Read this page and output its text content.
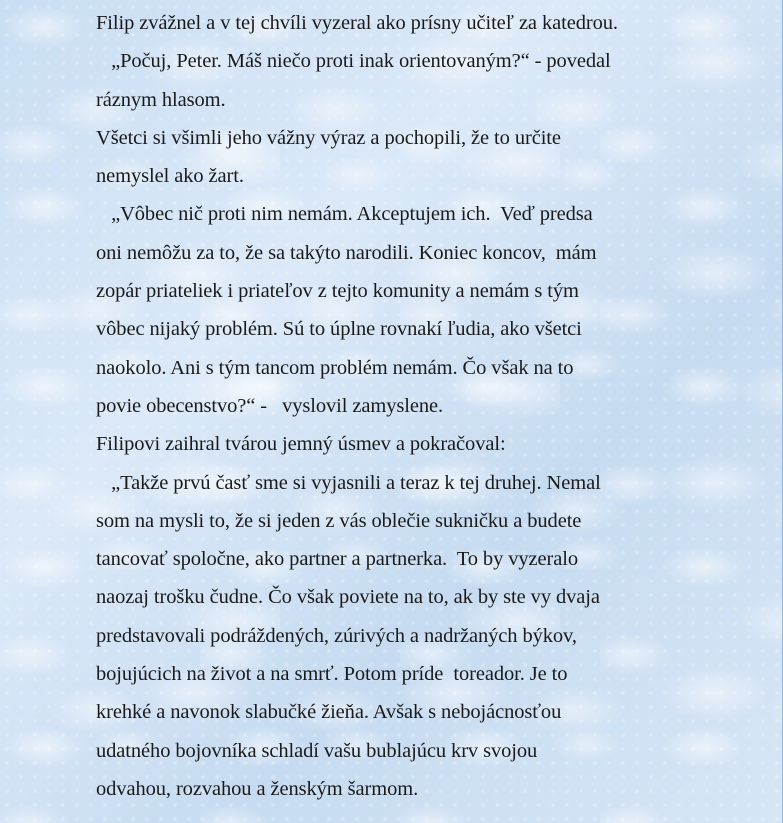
Filip zvážnel a v tej chvíli vyzeral ako prísny učiteľ za katedrou.
„Počuj, Peter. Máš niečo proti inak orientovaným?“ - povedal
ráznym hlasom.
Všetci si všimli jeho vážny výraz a pochopili, že to určite
nemyslel ako žart.
„Vôbec nič proti nim nemám. Akceptujem ich.  Veď predsa
oni nemôžu za to, že sa takýto narodili. Koniec koncov,  mám
zopár priateliek i priateľov z tejto komunity a nemám s tým
vôbec nijaký problém. Sú to úplne rovnakí ľudia, ako všetci
naokolo. Ani s tým tancom problém nemám. Čo však na to
povie obecenstvo?“ -   vyslovil zamyslene.
Filipovi zaihral tvárou jemný úsmev a pokračoval:
„Takže prvú časť sme si vyjasnili a teraz k tej druhej. Nemal
som na mysli to, že si jeden z vás oblečie sukničku a budete
tancovať spoločne, ako partner a partnerka.  To by vyzeralo
naozaj trošku čudne. Čo však poviete na to, ak by ste vy dvaja
predstavovali podráždených, zúrivých a nadržaných býkov,
bojujúcich na život a na smrť. Potom príde  toreador. Je to
krehké a navonok slabučké žieňa. Avšak s nebojácnosťou
udatného bojovníka schladí vašu bublajúcu krv svojou
odvahou, rozvahou a ženským šarmom.
